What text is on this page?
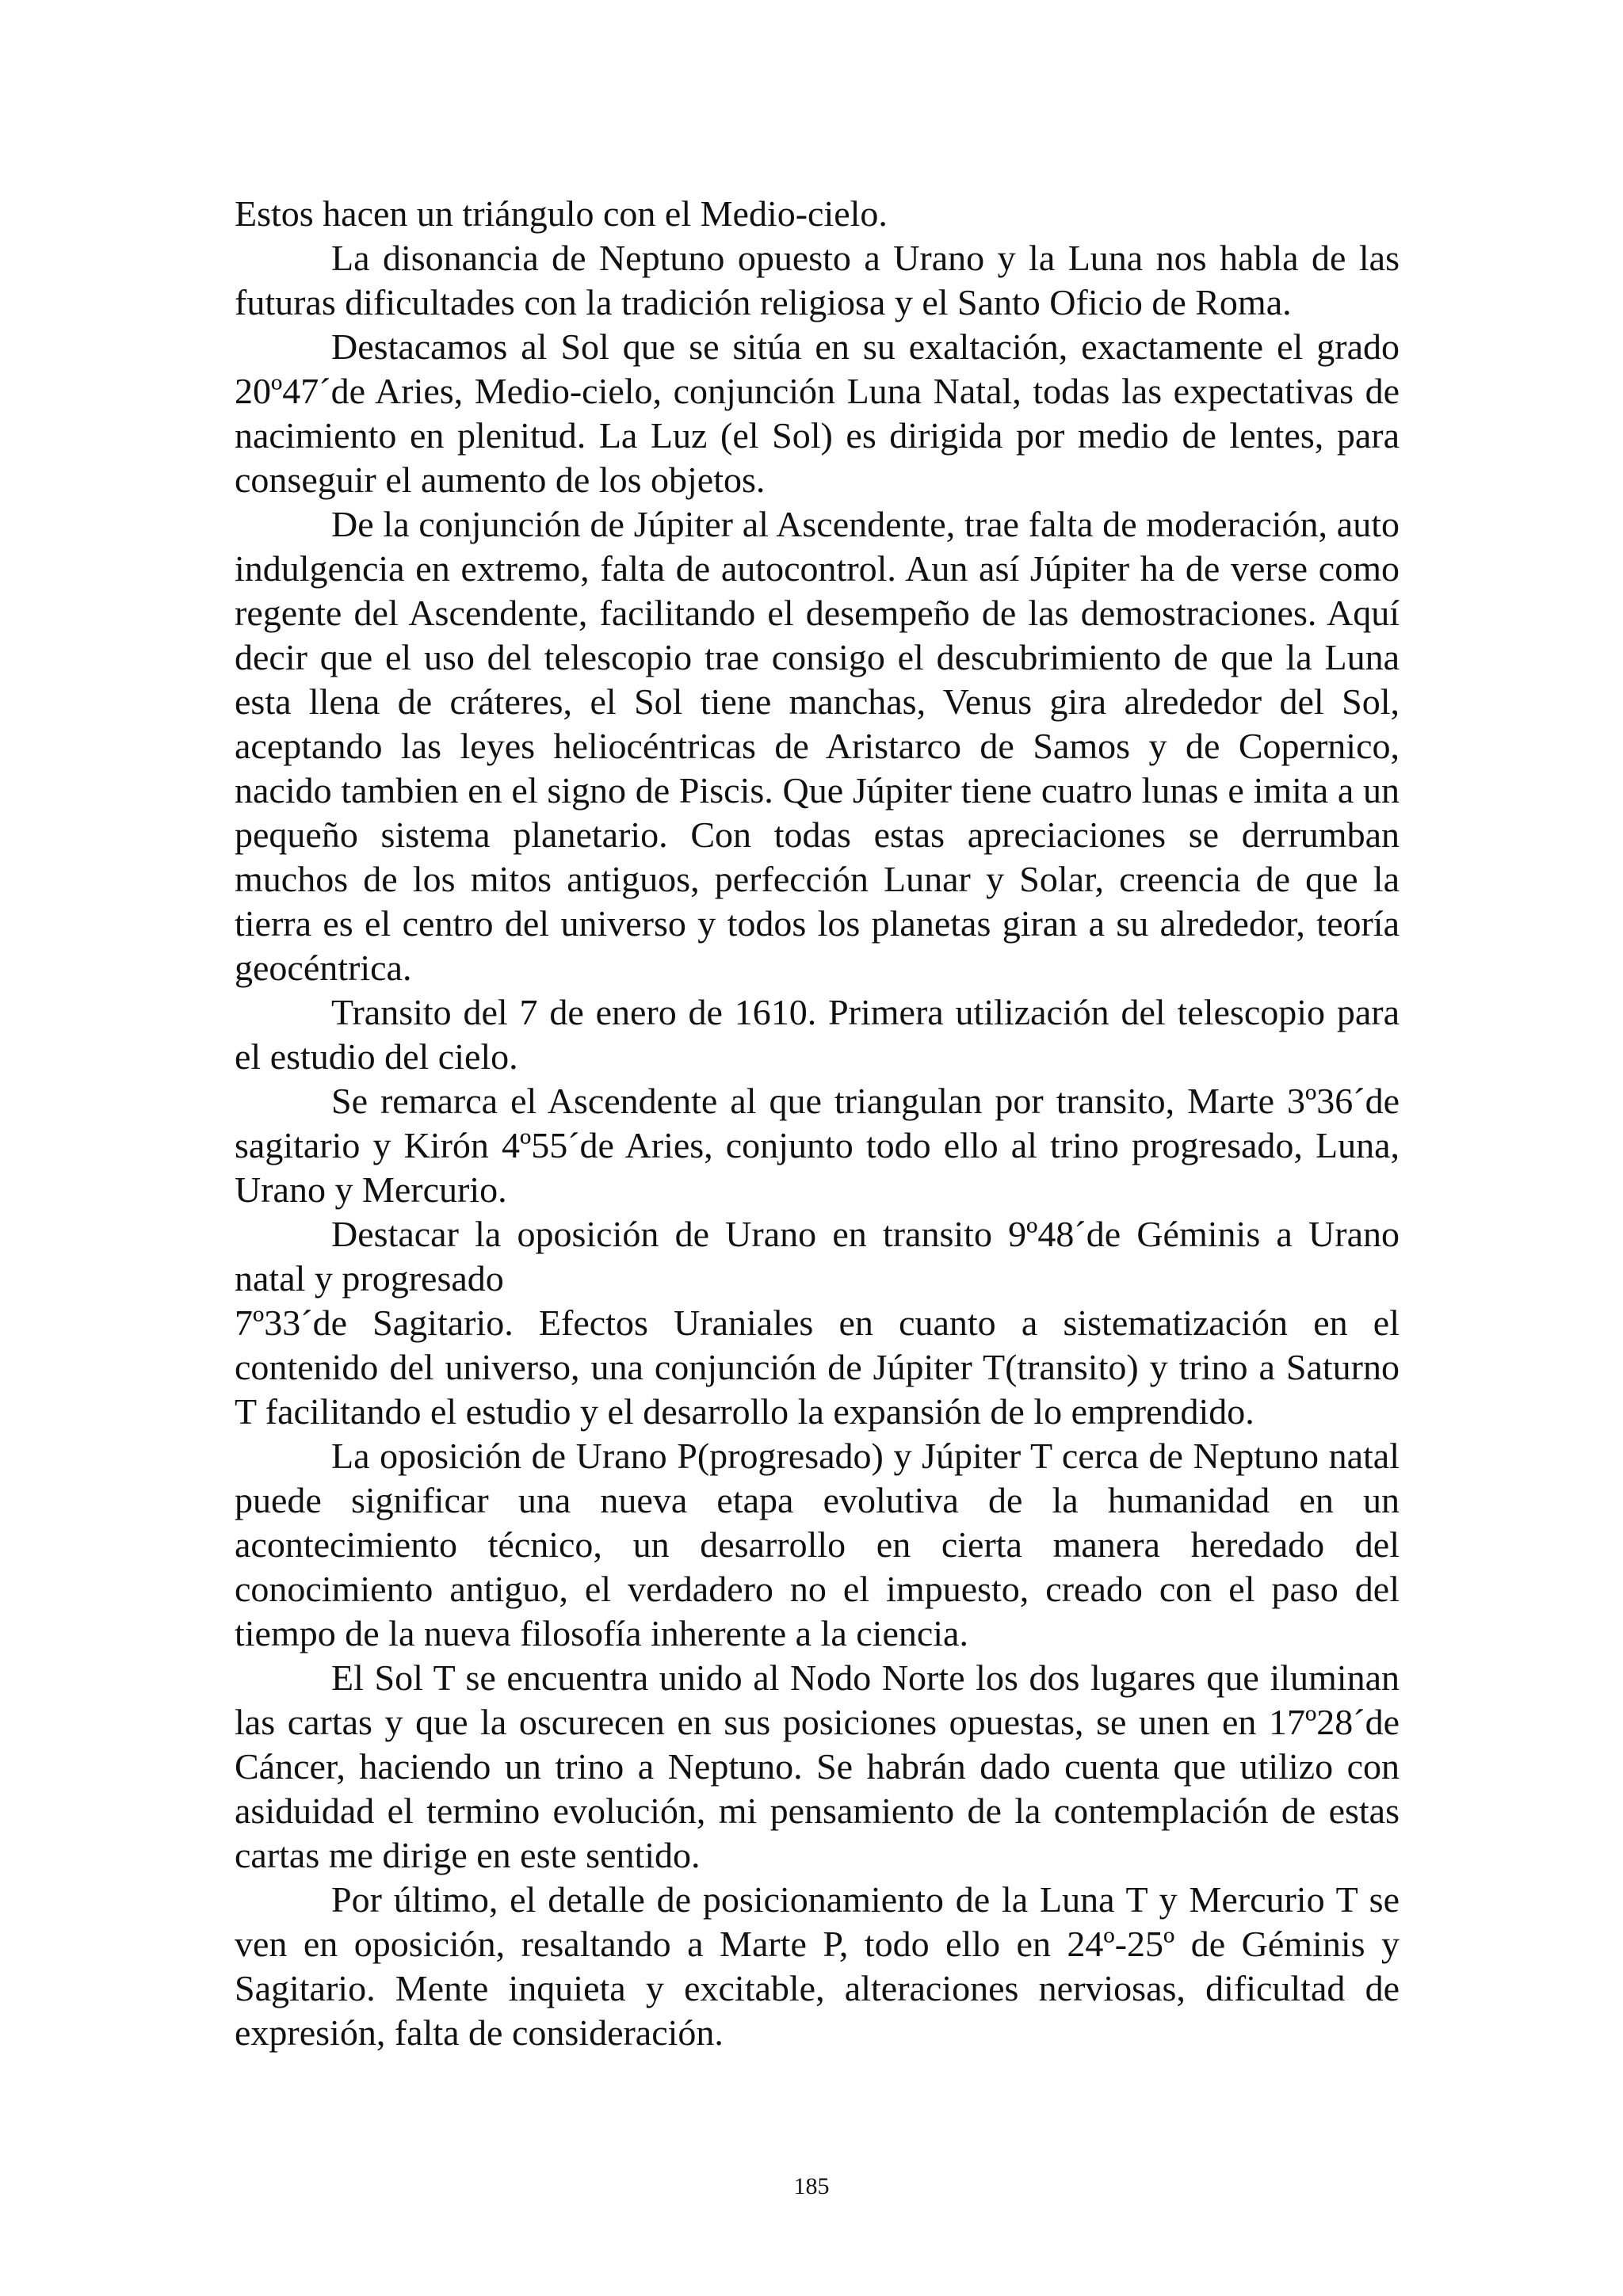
Estos hacen un triángulo con el Medio-cielo.

La disonancia de Neptuno opuesto a Urano y la Luna nos habla de las futuras dificultades con la tradición religiosa y el Santo Oficio de Roma.

Destacamos al Sol que se sitúa en su exaltación, exactamente el grado 20º47´de Aries, Medio-cielo, conjunción Luna Natal, todas las expectativas de nacimiento en plenitud. La Luz (el Sol) es dirigida por medio de lentes, para conseguir el aumento de los objetos.

De la conjunción de Júpiter al Ascendente, trae falta de moderación, auto indulgencia en extremo, falta de autocontrol. Aun así Júpiter ha de verse como regente del Ascendente, facilitando el desempeño de las demostraciones. Aquí decir que el uso del telescopio trae consigo el descubrimiento de que la Luna esta llena de cráteres, el Sol tiene manchas, Venus gira alrededor del Sol, aceptando las leyes heliocéntricas de Aristarco de Samos y de Copernico, nacido tambien en el signo de Piscis. Que Júpiter tiene cuatro lunas e imita a un pequeño sistema planetario. Con todas estas apreciaciones se derrumban muchos de los mitos antiguos, perfección Lunar y Solar, creencia de que la tierra es el centro del universo y todos los planetas giran a su alrededor, teoría geocéntrica.

Transito del 7 de enero de 1610. Primera utilización del telescopio para el estudio del cielo.

Se remarca el Ascendente al que triangulan por transito, Marte 3º36´de sagitario y Kirón 4º55´de Aries, conjunto todo ello al trino progresado, Luna, Urano y Mercurio.

Destacar la oposición de Urano en transito 9º48´de Géminis a Urano natal y progresado

7º33´de Sagitario. Efectos Uraniales en cuanto a sistematización en el contenido del universo, una conjunción de Júpiter T(transito) y trino a Saturno T facilitando el estudio y el desarrollo la expansión de lo emprendido.

La oposición de Urano P(progresado) y Júpiter T cerca de Neptuno natal puede significar una nueva etapa evolutiva de la humanidad en un acontecimiento técnico, un desarrollo en cierta manera heredado del conocimiento antiguo, el verdadero no el impuesto, creado con el paso del tiempo de la nueva filosofía inherente a la ciencia.

El Sol T se encuentra unido al Nodo Norte los dos lugares que iluminan las cartas y que la oscurecen en sus posiciones opuestas, se unen en 17º28´de Cáncer, haciendo un trino a Neptuno. Se habrán dado cuenta que utilizo con asiduidad el termino evolución, mi pensamiento de la contemplación de estas cartas me dirige en este sentido.

Por último, el detalle de posicionamiento de la Luna T y Mercurio T se ven en oposición, resaltando a Marte P, todo ello en 24º-25º de Géminis y Sagitario. Mente inquieta y excitable, alteraciones nerviosas, dificultad de expresión, falta de consideración.

185
